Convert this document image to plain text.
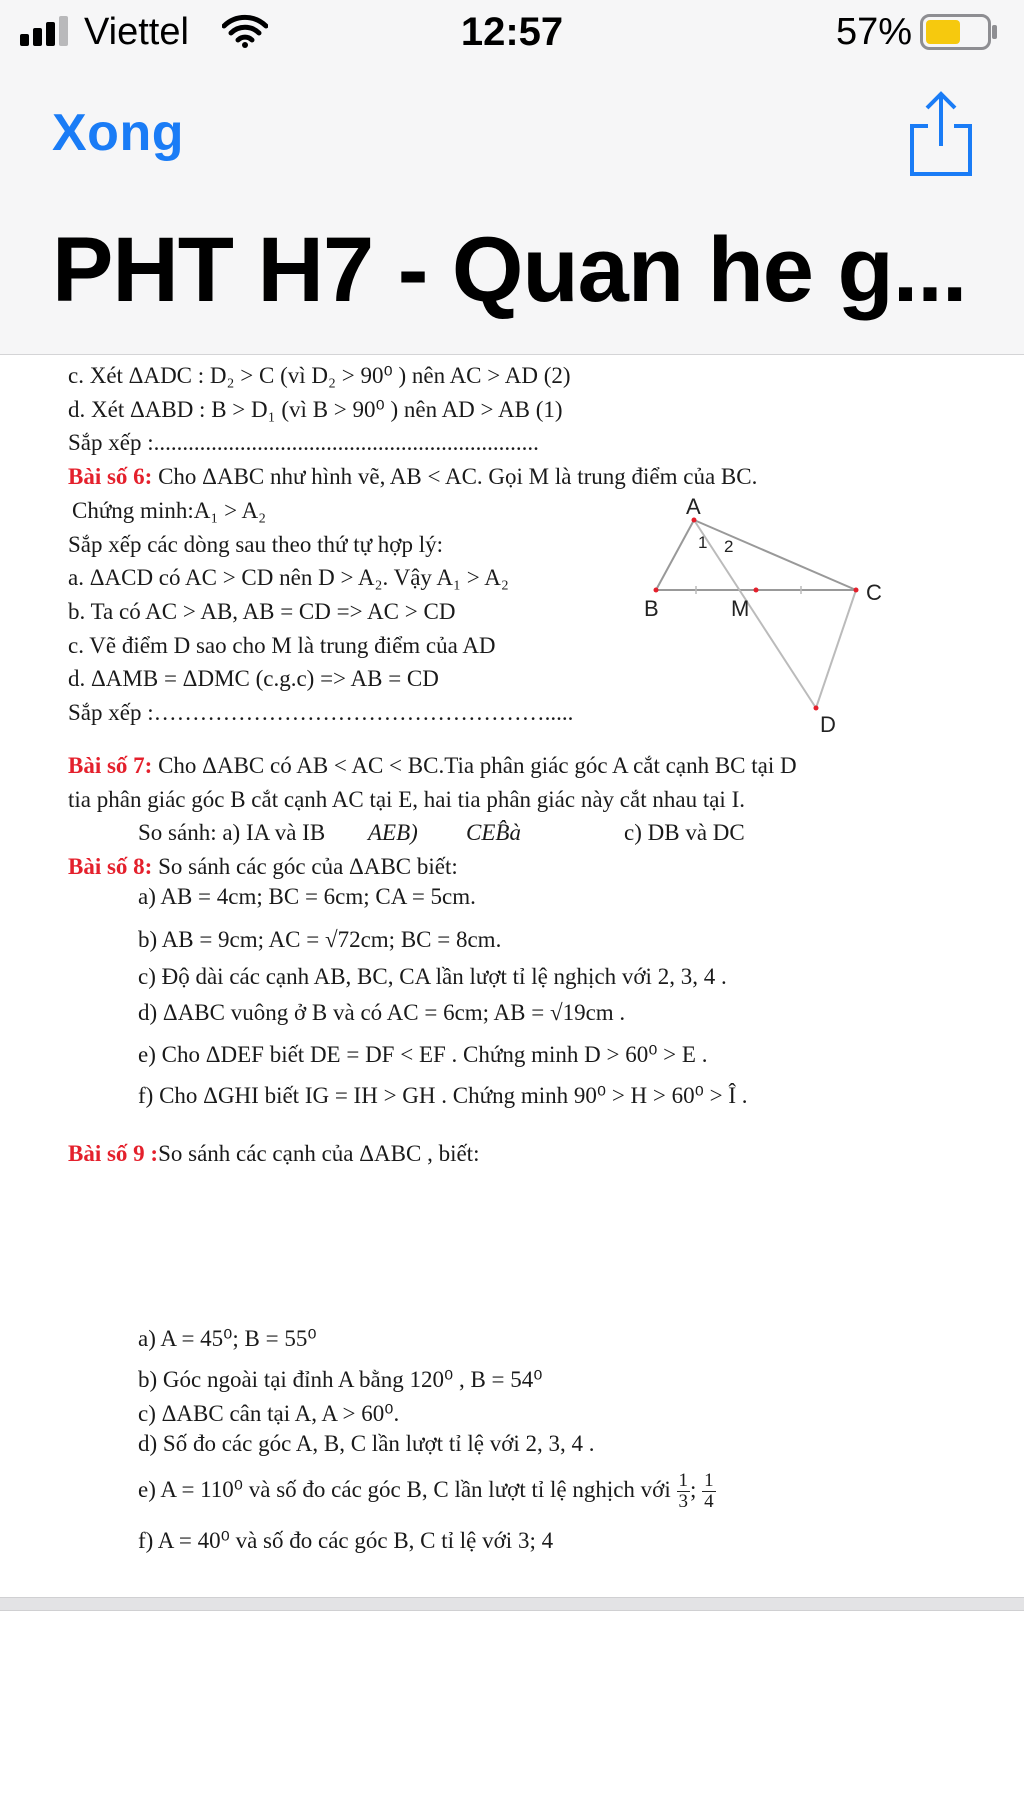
Viettel	12:57	57%
Xong
PHT H7 - Quan he g...
c. Xét ΔADC : D₂ > C (vì D₂ > 90⁰ ) nên AC > AD (2)
d. Xét ΔABD : B > D₁ (vì B > 90⁰ ) nên AD > AB (1)
Sắp xếp :...................................................................
Bài số 6: Cho ΔABC như hình vẽ, AB < AC. Gọi M là trung điểm của BC.
Chứng minh:A₁ > A₂
Sắp xếp các dòng sau theo thứ tự hợp lý:
a. ΔACD có AC > CD nên D > A₂. Vậy A₁ > A₂
b. Ta có AC > AB, AB = CD => AC > CD
c. Vẽ điểm D sao cho M là trung điểm của AD
d. ΔAMB = ΔDMC (c.g.c) => AB = CD
Sắp xếp :…………………………………………….....
A
B	M
C
D
1 2
Bài số 7: Cho ΔABC có AB < AC < BC.Tia phân giác góc A cắt cạnh BC tại D
tia phân giác góc B cắt cạnh AC tại E, hai tia phân giác này cắt nhau tại I.
So sánh: a) IA và IB AEB) CEB̂à	c) DB và DC
Bài số 8: So sánh các góc của ΔABC biết:
a) AB = 4cm; BC = 6cm; CA = 5cm.
b) AB = 9cm; AC = √72cm; BC = 8cm.
c) Độ dài các cạnh AB, BC, CA lần lượt tỉ lệ nghịch với 2, 3, 4 .
d) ΔABC vuông ở B và có AC = 6cm; AB = √19cm .
e) Cho ΔDEF biết DE = DF < EF . Chứng minh D > 60⁰ > E .
f) Cho ΔGHI biết IG = IH > GH . Chứng minh 90⁰ > H > 60⁰ > Î .
Bài số 9 :So sánh các cạnh của ΔABC , biết:
a) A = 45⁰; B = 55⁰
b) Góc ngoài tại đỉnh A bằng 120⁰ , B = 54⁰
c) ΔABC cân tại A, A > 60⁰.
d) Số đo các góc A, B, C lần lượt tỉ lệ với 2, 3, 4 .
e) A = 110⁰ và số đo các góc B, C lần lượt tỉ lệ nghịch với $\frac{1}{3}$ ; $\frac{1}{4}$
f) A = 40⁰ và số đo các góc B, C tỉ lệ với 3; 4
